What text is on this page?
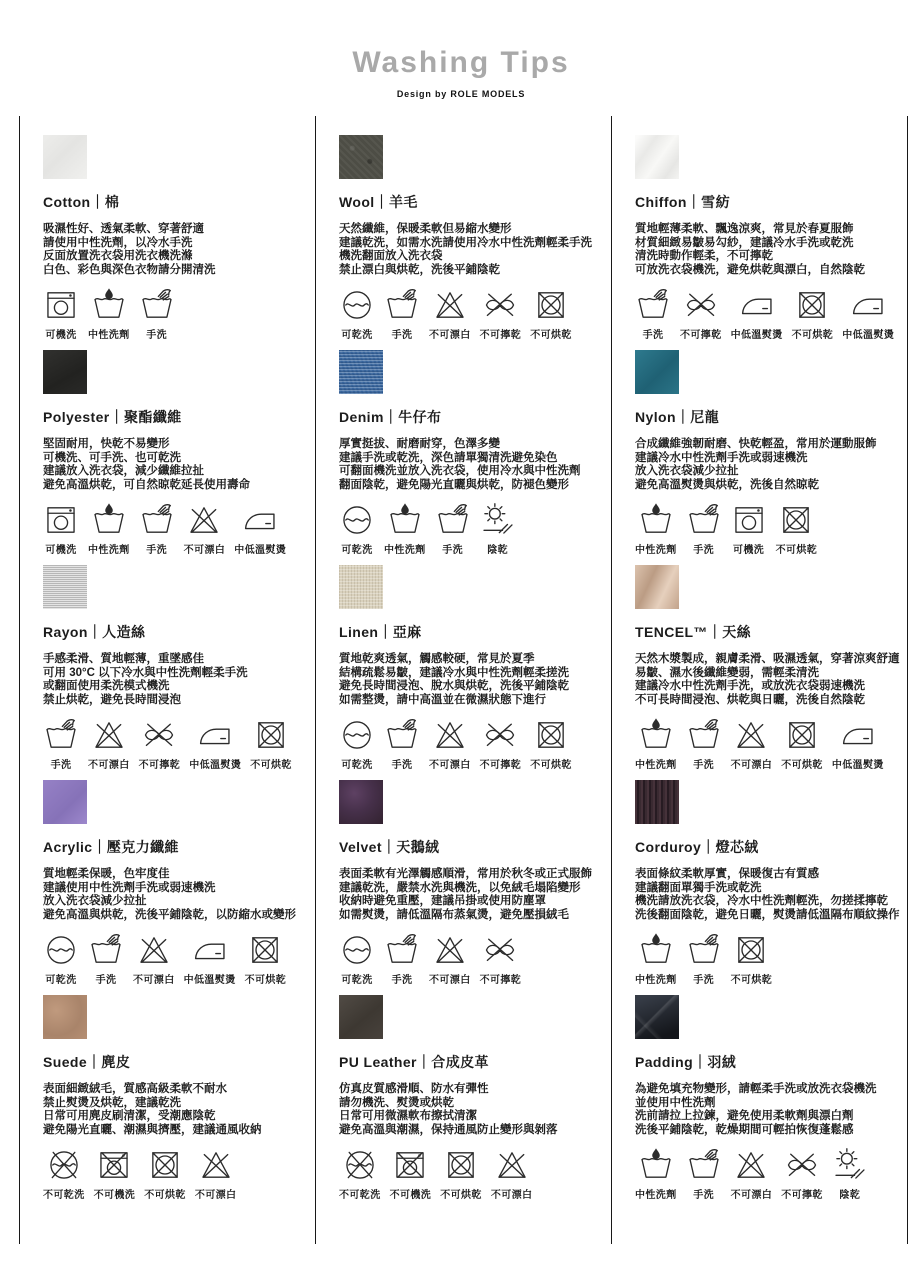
Washing Tips
Design by ROLE MODELS
Cotton｜棉
吸濕性好、透氣柔軟、穿著舒適
請使用中性洗劑，以冷水手洗
反面放置洗衣袋用洗衣機洗滌
白色、彩色與深色衣物請分開清洗
可機洗 中性洗劑 手洗
Polyester｜聚酯纖維
堅固耐用，快乾不易變形
可機洗、可手洗、也可乾洗
建議放入洗衣袋，減少纖維拉扯
避免高溫烘乾，可自然晾乾延長使用壽命
可機洗 中性洗劑 手洗 不可漂白 中低溫熨燙
Rayon｜人造絲
手感柔滑、質地輕薄，重墜感佳
可用 30°C 以下冷水與中性洗劑輕柔手洗
或翻面使用柔洗模式機洗
禁止烘乾，避免長時間浸泡
手洗 不可漂白 不可擰乾 中低溫熨燙 不可烘乾
Acrylic｜壓克力纖維
質地輕柔保暖，色牢度佳
建議使用中性洗劑手洗或弱速機洗
放入洗衣袋減少拉扯
避免高溫與烘乾，洗後平鋪陰乾，以防縮水或變形
可乾洗 手洗 不可漂白 中低溫熨燙 不可烘乾
Suede｜麂皮
表面細緻絨毛，質感高級柔軟不耐水
禁止熨燙及烘乾，建議乾洗
日常可用麂皮刷清潔，受潮應陰乾
避免陽光直曬、潮濕與擠壓，建議通風收納
不可乾洗 不可機洗 不可烘乾 不可漂白
Wool｜羊毛
天然纖維，保暖柔軟但易縮水變形
建議乾洗，如需水洗請使用冷水中性洗劑輕柔手洗
機洗翻面放入洗衣袋
禁止漂白與烘乾，洗後平鋪陰乾
可乾洗 手洗 不可漂白 不可擰乾 不可烘乾
Denim｜牛仔布
厚實挺拔、耐磨耐穿，色澤多變
建議手洗或乾洗，深色請單獨清洗避免染色
可翻面機洗並放入洗衣袋，使用冷水與中性洗劑
翻面陰乾，避免陽光直曬與烘乾，防褪色變形
可乾洗 中性洗劑 手洗 陰乾
Linen｜亞麻
質地乾爽透氣，觸感較硬，常見於夏季
結構疏鬆易皺，建議冷水與中性洗劑輕柔搓洗
避免長時間浸泡、脫水與烘乾，洗後平鋪陰乾
如需整燙，請中高溫並在微濕狀態下進行
可乾洗 手洗 不可漂白 不可擰乾 不可烘乾
Velvet｜天鵝絨
表面柔軟有光澤觸感順滑，常用於秋冬或正式服飾
建議乾洗，嚴禁水洗與機洗，以免絨毛塌陷變形
收納時避免重壓，建議吊掛或使用防塵罩
如需熨燙，請低溫隔布蒸氣燙，避免壓損絨毛
可乾洗 手洗 不可漂白 不可擰乾
PU Leather｜合成皮革
仿真皮質感滑順、防水有彈性
請勿機洗、熨燙或烘乾
日常可用微濕軟布擦拭清潔
避免高溫與潮濕，保持通風防止變形與剝落
不可乾洗 不可機洗 不可烘乾 不可漂白
Chiffon｜雪紡
質地輕薄柔軟、飄逸涼爽，常見於春夏服飾
材質細緻易皺易勾紗，建議冷水手洗或乾洗
清洗時動作輕柔，不可擰乾
可放洗衣袋機洗，避免烘乾與漂白，自然陰乾
手洗 不可擰乾 中低溫熨燙 不可烘乾 中低溫熨燙
Nylon｜尼龍
合成纖維強韌耐磨、快乾輕盈，常用於運動服飾
建議冷水中性洗劑手洗或弱速機洗
放入洗衣袋減少拉扯
避免高溫熨燙與烘乾，洗後自然晾乾
中性洗劑 手洗 可機洗 不可烘乾
TENCEL™｜天絲
天然木漿製成，親膚柔滑、吸濕透氣，穿著涼爽舒適
易皺、濕水後纖維變弱，需輕柔清洗
建議冷水中性洗劑手洗，或放洗衣袋弱速機洗
不可長時間浸泡、烘乾與日曬，洗後自然陰乾
中性洗劑 手洗 不可漂白 不可烘乾 中低溫熨燙
Corduroy｜燈芯絨
表面條紋柔軟厚實，保暖復古有質感
建議翻面單獨手洗或乾洗
機洗請放洗衣袋，冷水中性洗劑輕洗，勿搓揉擰乾
洗後翻面陰乾，避免日曬，熨燙請低溫隔布順紋操作
中性洗劑 手洗 不可烘乾
Padding｜羽絨
為避免填充物變形，請輕柔手洗或放洗衣袋機洗
並使用中性洗劑
洗前請拉上拉鍊，避免使用柔軟劑與漂白劑
洗後平鋪陰乾，乾燥期間可輕拍恢復蓬鬆感
中性洗劑 手洗 不可漂白 不可擰乾 陰乾
